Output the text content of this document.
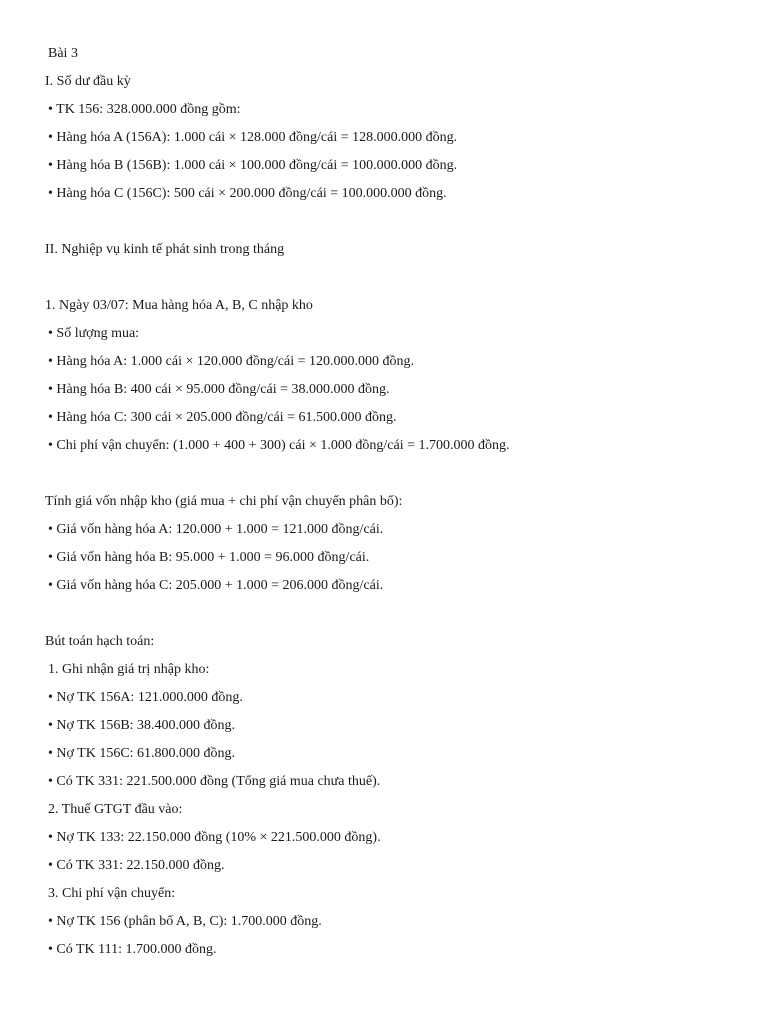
Bài 3
I. Số dư đầu kỳ
• TK 156: 328.000.000 đồng gồm:
• Hàng hóa A (156A): 1.000 cái × 128.000 đồng/cái = 128.000.000 đồng.
• Hàng hóa B (156B): 1.000 cái × 100.000 đồng/cái = 100.000.000 đồng.
• Hàng hóa C (156C): 500 cái × 200.000 đồng/cái = 100.000.000 đồng.
II. Nghiệp vụ kinh tế phát sinh trong tháng
1. Ngày 03/07: Mua hàng hóa A, B, C nhập kho
• Số lượng mua:
• Hàng hóa A: 1.000 cái × 120.000 đồng/cái = 120.000.000 đồng.
• Hàng hóa B: 400 cái × 95.000 đồng/cái = 38.000.000 đồng.
• Hàng hóa C: 300 cái × 205.000 đồng/cái = 61.500.000 đồng.
• Chi phí vận chuyển: (1.000 + 400 + 300) cái × 1.000 đồng/cái = 1.700.000 đồng.
Tính giá vốn nhập kho (giá mua + chi phí vận chuyển phân bổ):
• Giá vốn hàng hóa A: 120.000 + 1.000 = 121.000 đồng/cái.
• Giá vốn hàng hóa B: 95.000 + 1.000 = 96.000 đồng/cái.
• Giá vốn hàng hóa C: 205.000 + 1.000 = 206.000 đồng/cái.
Bút toán hạch toán:
1. Ghi nhận giá trị nhập kho:
• Nợ TK 156A: 121.000.000 đồng.
• Nợ TK 156B: 38.400.000 đồng.
• Nợ TK 156C: 61.800.000 đồng.
• Có TK 331: 221.500.000 đồng (Tổng giá mua chưa thuế).
2. Thuế GTGT đầu vào:
• Nợ TK 133: 22.150.000 đồng (10% × 221.500.000 đồng).
• Có TK 331: 22.150.000 đồng.
3. Chi phí vận chuyển:
• Nợ TK 156 (phân bổ A, B, C): 1.700.000 đồng.
• Có TK 111: 1.700.000 đồng.
